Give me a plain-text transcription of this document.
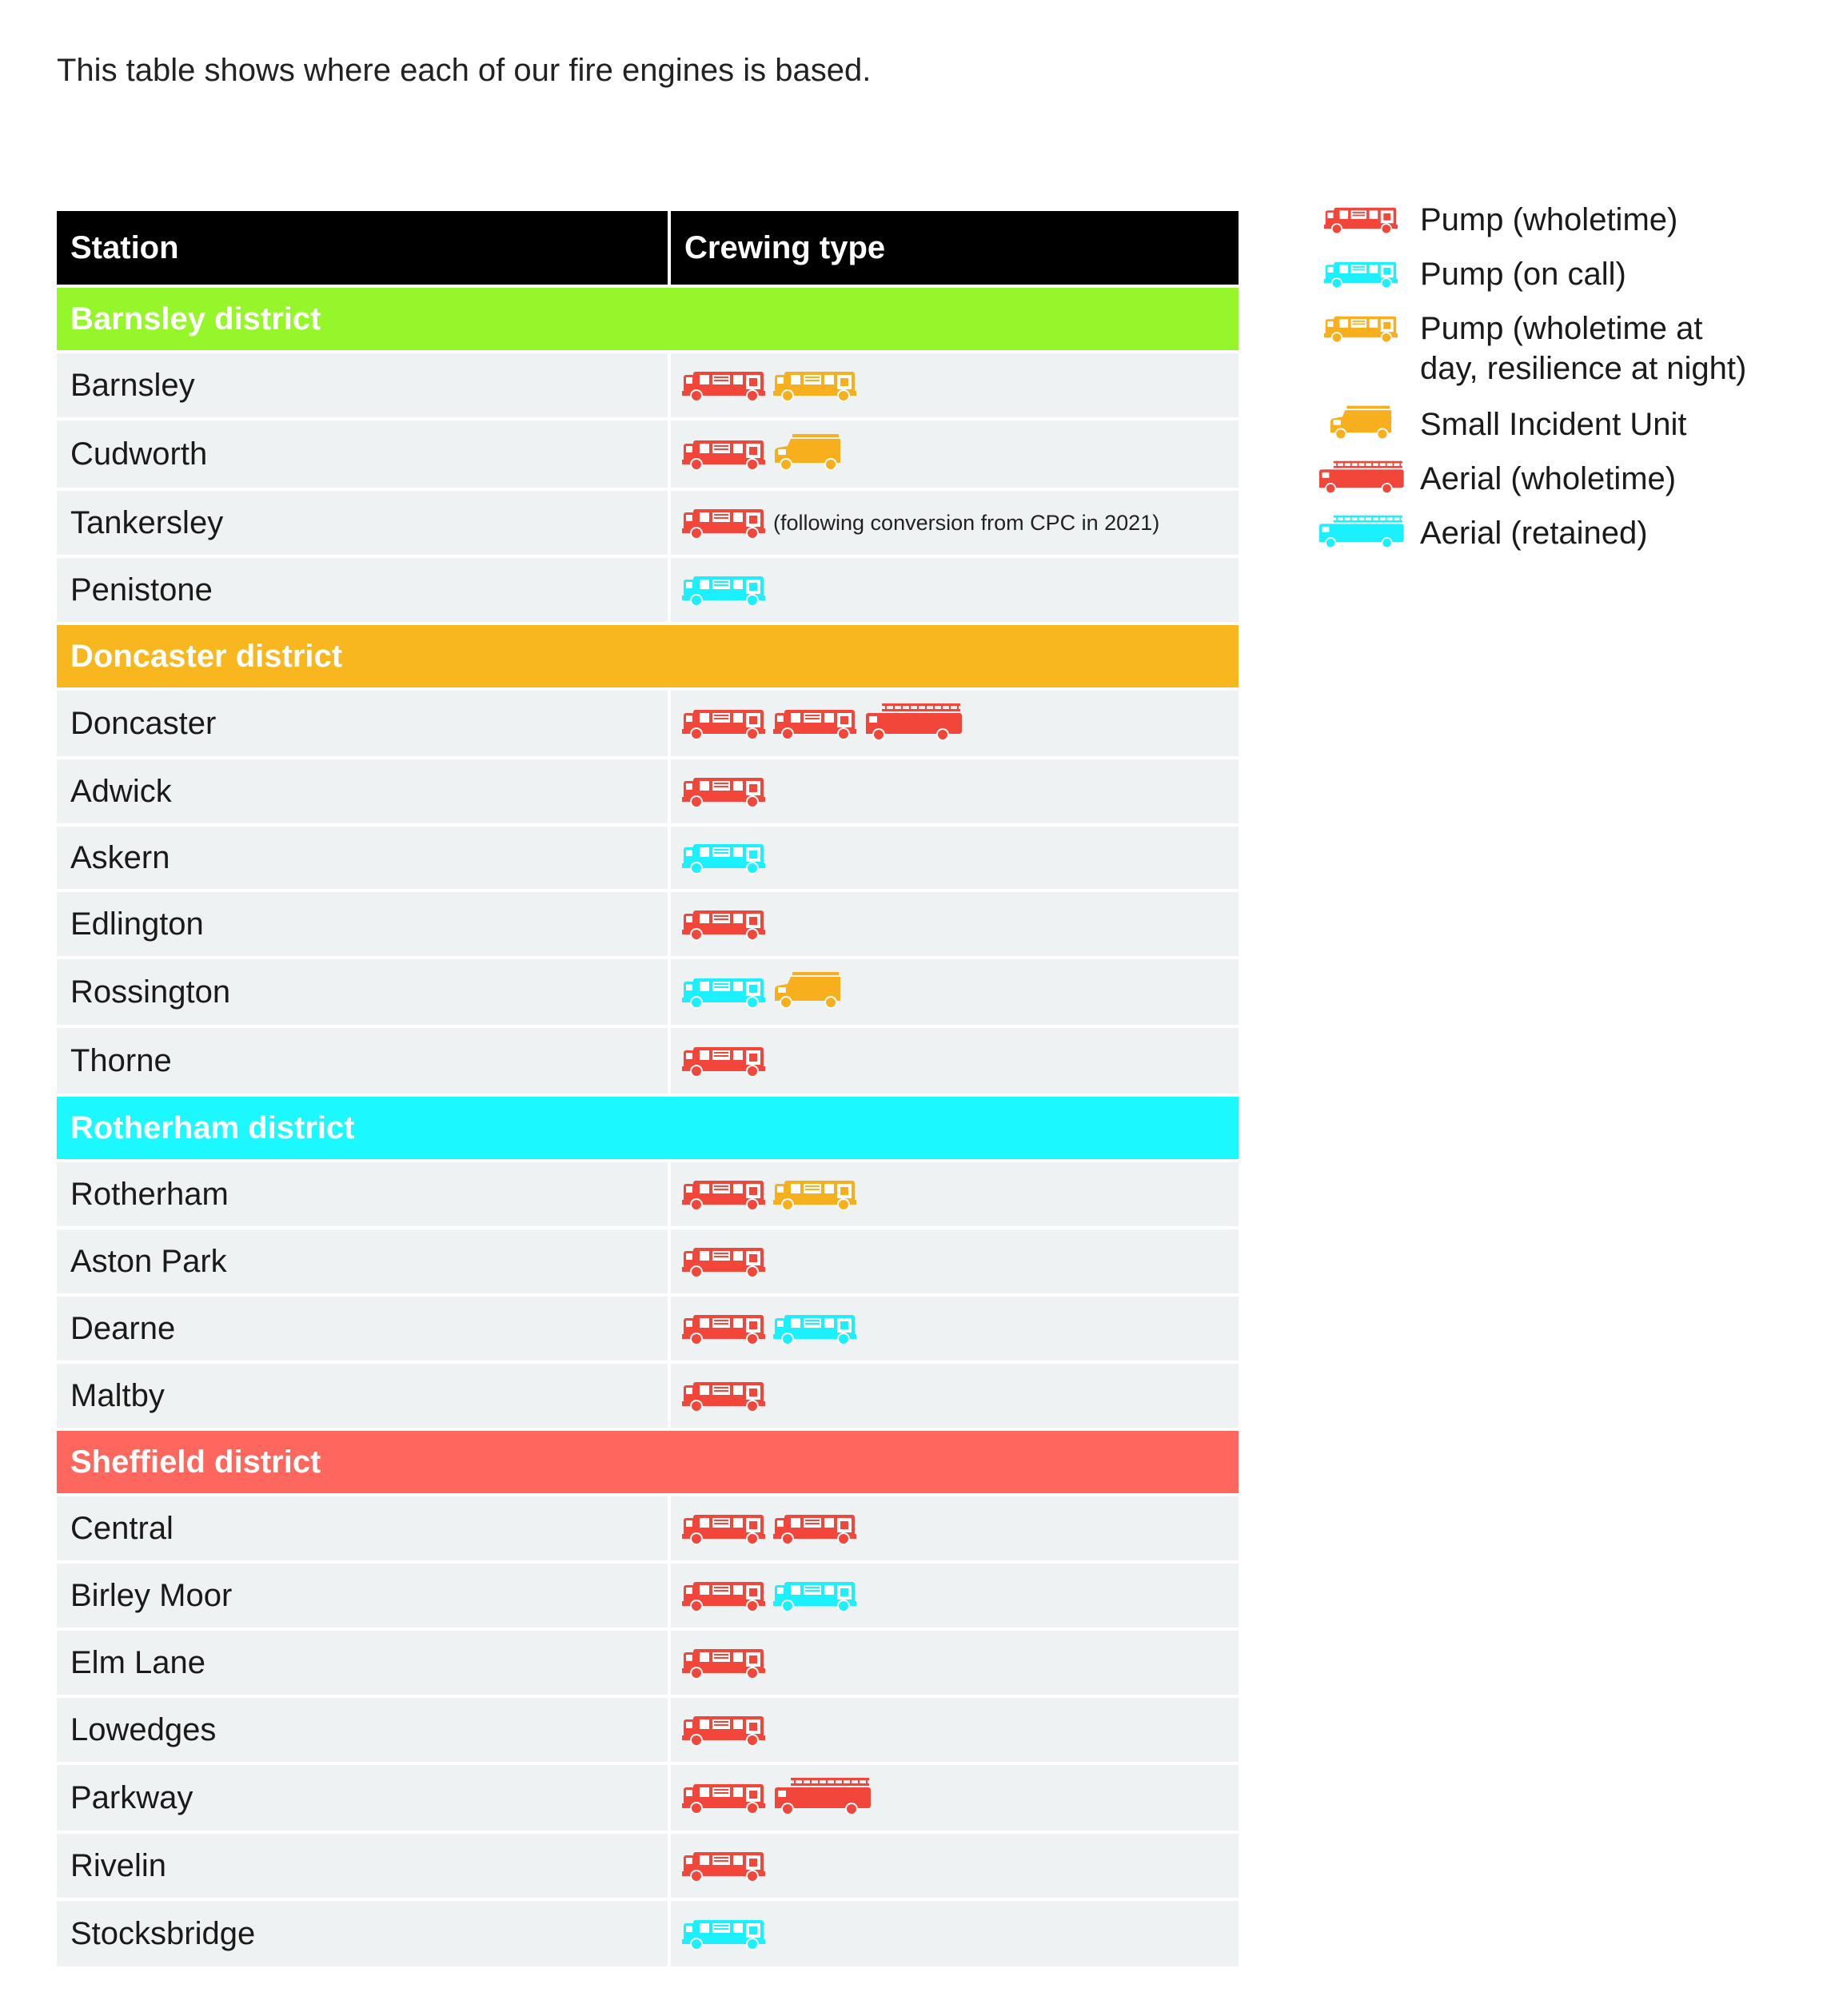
This table shows where each of our fire engines is based.
Station	Crewing type
Barnsley district
Barnsley
Cudworth
Tankersley	(following conversion from CPC in 2021)
Penistone
Doncaster district
Doncaster
Adwick
Askern
Edlington
Rossington
Thorne
Rotherham district
Rotherham
Aston Park
Dearne
Maltby
Sheffield district
Central
Birley Moor
Elm Lane
Lowedges
Parkway
Rivelin
Stocksbridge
Pump (wholetime)
Pump (on call)
Pump (wholetime at day, resilience at night)
Small Incident Unit
Aerial (wholetime)
Aerial (retained)
